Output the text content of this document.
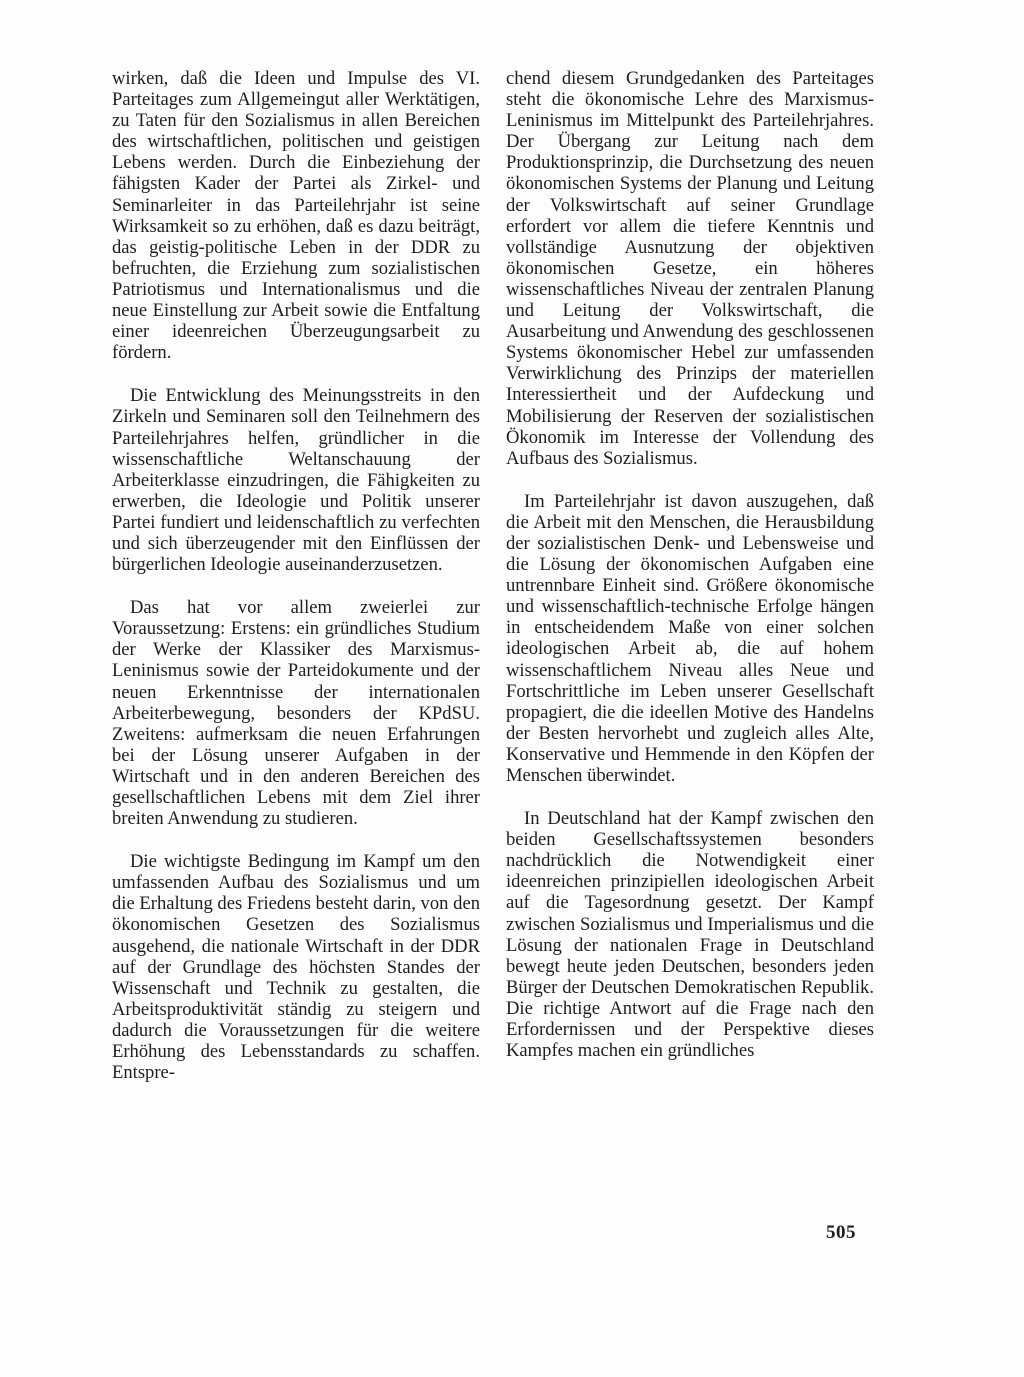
wirken, daß die Ideen und Impulse des VI. Parteitages zum Allgemeingut aller Werktätigen, zu Taten für den Sozialismus in allen Bereichen des wirtschaftlichen, politischen und geistigen Lebens werden. Durch die Einbeziehung der fähigsten Kader der Partei als Zirkel- und Seminarleiter in das Parteilehrjahr ist seine Wirksamkeit so zu erhöhen, daß es dazu beiträgt, das geistig-politische Leben in der DDR zu befruchten, die Erziehung zum sozialistischen Patriotismus und Internationalismus und die neue Einstellung zur Arbeit sowie die Entfaltung einer ideenreichen Überzeugungsarbeit zu fördern.

Die Entwicklung des Meinungsstreits in den Zirkeln und Seminaren soll den Teilnehmern des Parteilehrjahres helfen, gründlicher in die wissenschaftliche Weltanschauung der Arbeiterklasse einzudringen, die Fähigkeiten zu erwerben, die Ideologie und Politik unserer Partei fundiert und leidenschaftlich zu verfechten und sich überzeugender mit den Einflüssen der bürgerlichen Ideologie auseinanderzusetzen.

Das hat vor allem zweierlei zur Voraussetzung: Erstens: ein gründliches Studium der Werke der Klassiker des Marxismus-Leninismus sowie der Parteidokumente und der neuen Erkenntnisse der internationalen Arbeiterbewegung, besonders der KPdSU. Zweitens: aufmerksam die neuen Erfahrungen bei der Lösung unserer Aufgaben in der Wirtschaft und in den anderen Bereichen des gesellschaftlichen Lebens mit dem Ziel ihrer breiten Anwendung zu studieren.

Die wichtigste Bedingung im Kampf um den umfassenden Aufbau des Sozialismus und um die Erhaltung des Friedens besteht darin, von den ökonomischen Gesetzen des Sozialismus ausgehend, die nationale Wirtschaft in der DDR auf der Grundlage des höchsten Standes der Wissenschaft und Technik zu gestalten, die Arbeitsproduktivität ständig zu steigern und dadurch die Voraussetzungen für die weitere Erhöhung des Lebensstandards zu schaffen. Entspre-

chend diesem Grundgedanken des Parteitages steht die ökonomische Lehre des Marxismus-Leninismus im Mittelpunkt des Parteilehrjahres. Der Übergang zur Leitung nach dem Produktionsprinzip, die Durchsetzung des neuen ökonomischen Systems der Planung und Leitung der Volkswirtschaft auf seiner Grundlage erfordert vor allem die tiefere Kenntnis und vollständige Ausnutzung der objektiven ökonomischen Gesetze, ein höheres wissenschaftliches Niveau der zentralen Planung und Leitung der Volkswirtschaft, die Ausarbeitung und Anwendung des geschlossenen Systems ökonomischer Hebel zur umfassenden Verwirklichung des Prinzips der materiellen Interessiertheit und der Aufdeckung und Mobilisierung der Reserven der sozialistischen Ökonomik im Interesse der Vollendung des Aufbaus des Sozialismus.

Im Parteilehrjahr ist davon auszugehen, daß die Arbeit mit den Menschen, die Herausbildung der sozialistischen Denk- und Lebensweise und die Lösung der ökonomischen Aufgaben eine untrennbare Einheit sind. Größere ökonomische und wissenschaftlich-technische Erfolge hängen in entscheidendem Maße von einer solchen ideologischen Arbeit ab, die auf hohem wissenschaftlichem Niveau alles Neue und Fortschrittliche im Leben unserer Gesellschaft propagiert, die die ideellen Motive des Handelns der Besten hervorhebt und zugleich alles Alte, Konservative und Hemmende in den Köpfen der Menschen überwindet.

In Deutschland hat der Kampf zwischen den beiden Gesellschaftssystemen besonders nachdrücklich die Notwendigkeit einer ideenreichen prinzipiellen ideologischen Arbeit auf die Tagesordnung gesetzt. Der Kampf zwischen Sozialismus und Imperialismus und die Lösung der nationalen Frage in Deutschland bewegt heute jeden Deutschen, besonders jeden Bürger der Deutschen Demokratischen Republik. Die richtige Antwort auf die Frage nach den Erfordernissen und der Perspektive dieses Kampfes machen ein gründliches

505
